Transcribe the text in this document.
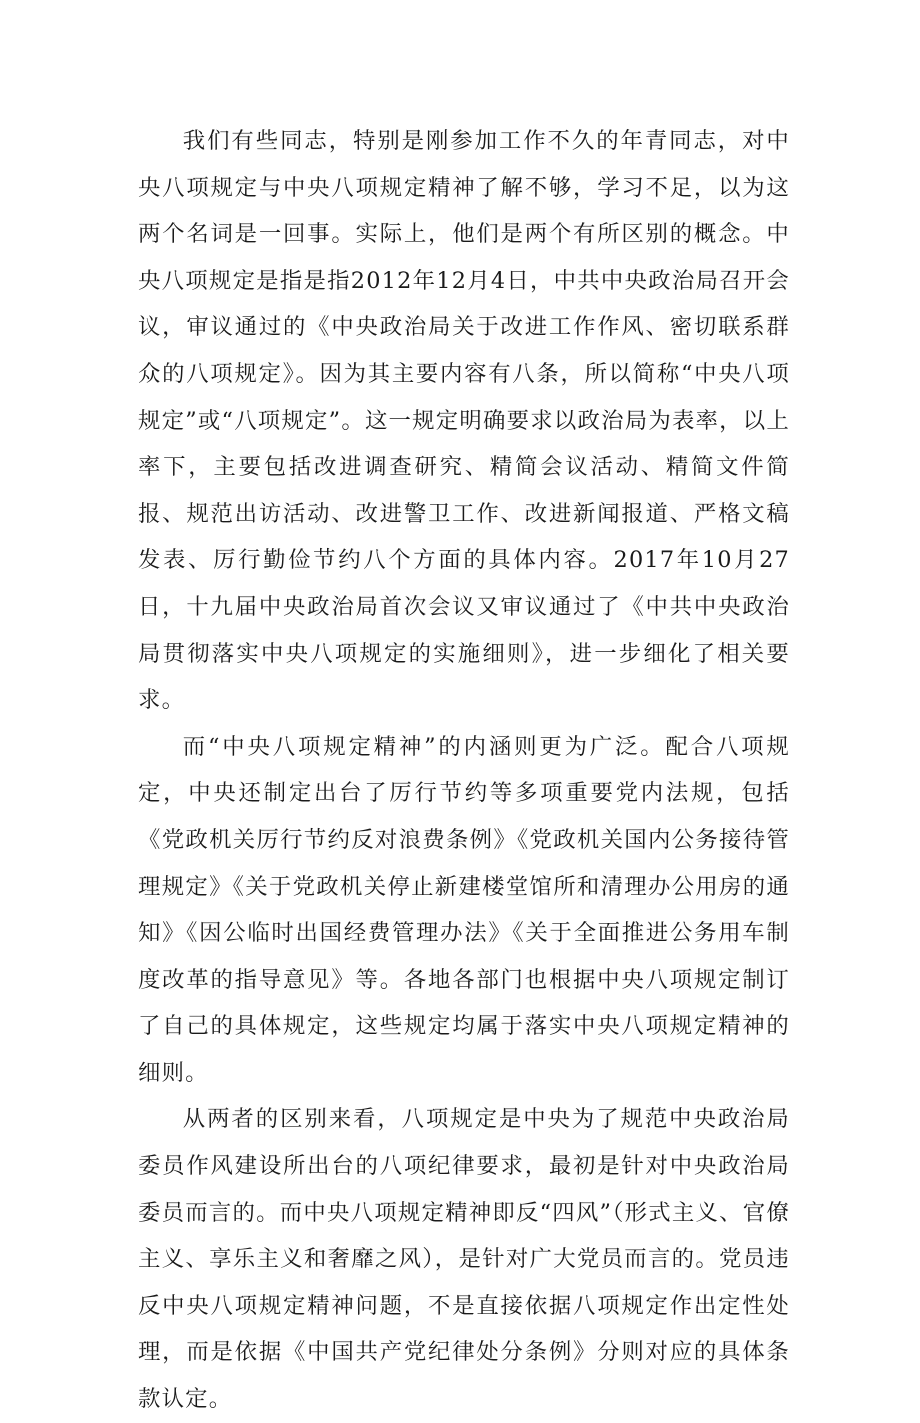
我们有些同志，特别是刚参加工作不久的年青同志，对中央八项规定与中央八项规定精神了解不够，学习不足，以为这两个名词是一回事。实际上，他们是两个有所区别的概念。中央八项规定是指是指2012年12月4日，中共中央政治局召开会议，审议通过的《中央政治局关于改进工作作风、密切联系群众的八项规定》。因为其主要内容有八条，所以简称“中央八项规定”或“八项规定”。这一规定明确要求以政治局为表率，以上率下，主要包括改进调查研究、精简会议活动、精简文件简报、规范出访活动、改进警卫工作、改进新闻报道、严格文稿发表、厉行勤俭节约八个方面的具体内容。2017年10月27日，十九届中央政治局首次会议又审议通过了《中共中央政治局贯彻落实中央八项规定的实施细则》，进一步细化了相关要求。

而“中央八项规定精神”的内涵则更为广泛。配合八项规定，中央还制定出台了厉行节约等多项重要党内法规，包括《党政机关厉行节约反对浪费条例》《党政机关国内公务接待管理规定》《关于党政机关停止新建楼堂馆所和清理办公用房的通知》《因公临时出国经费管理办法》《关于全面推进公务用车制度改革的指导意见》等。各地各部门也根据中央八项规定制订了自己的具体规定，这些规定均属于落实中央八项规定精神的细则。

从两者的区别来看，八项规定是中央为了规范中央政治局委员作风建设所出台的八项纪律要求，最初是针对中央政治局委员而言的。而中央八项规定精神即反“四风”（形式主义、官僚主义、享乐主义和奢靡之风），是针对广大党员而言的。党员违反中央八项规定精神问题，不是直接依据八项规定作出定性处理，而是依据《中国共产党纪律处分条例》分则对应的具体条款认定。
